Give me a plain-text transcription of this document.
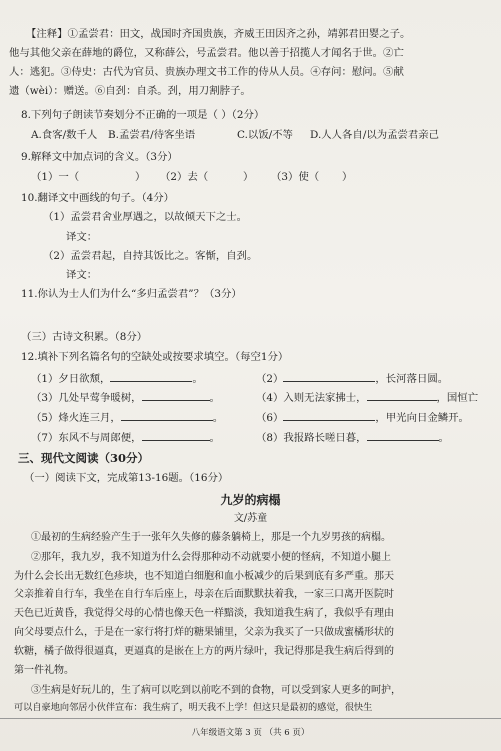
【注释】①孟尝君：田文，战国时齐国贵族，齐威王田因齐之孙，靖郭君田婴之子。
他与其他父亲在薛地的爵位，又称薛公，号孟尝君。他以善于招揽人才闻名于世。②亡
人：逃犯。③侍史：古代为官员、贵族办理文书工作的侍从人员。④存问：慰问。⑤献
遗（wèi）：赠送。⑥自刭：自杀。刭，用刀割脖子。
8.下列句子朗读节奏划分不正确的一项是（ ）（2分）
A.食客/数千人	B.孟尝君/待客坐语	C.以饭/不等	D.人人各自/以为孟尝君亲己
9.解释文中加点词的含义。（3分）
（1）一（	）	（2）去（	）	（3）使（	）
10.翻译文中画线的句子。（4分）
（1）孟尝君舍业厚遇之，以故倾天下之士。
译文：
（2）孟尝君起，自持其饭比之。客惭，自刭。
译文：
11.你认为士人们为什么“多归孟尝君”？（3分）
（三）古诗文积累。（8分）
12.填补下列名篇名句的空缺处或按要求填空。（每空1分）
（1）夕日欲颓，	。	（2）	，长河落日圆。
（3）几处早莺争暖树，	。	（4）入则无法家拂士，	，国恒亡
（5）烽火连三月，	。	（6）	，甲光向日金鳞开。
（7）东风不与周郎便，	。	（8）我报路长嗟日暮，	。
三、现代文阅读（30分）
（一）阅读下文，完成第13-16题。（16分）
九岁的病榻
文/苏童
①最初的生病经验产生于一张年久失修的藤条躺椅上，那是一个九岁男孩的病榻。
②那年，我九岁，我不知道为什么会得那种动不动就要小便的怪病，不知道小腿上
为什么会长出无数红色疹块，也不知道白细胞和血小板减少的后果到底有多严重。那天
父亲推着自行车，我坐在自行车后座上，母亲在后面默默扶着我，一家三口离开医院时
天色已近黄昏，我觉得父母的心情也像天色一样黯淡，我知道我生病了，我似乎有理由
向父母要点什么，于是在一家行将打烊的糖果铺里，父亲为我买了一只做成蜜橘形状的
软糖，橘子做得很逼真，更逼真的是嵌在上方的两片绿叶，我记得那是我生病后得到的
第一件礼物。
③生病是好玩儿的，生了病可以吃到以前吃不到的食物，可以受到家人更多的呵护，
可以自豪地向邻居小伙伴宣布：我生病了，明天我不上学！但这只是最初的感觉，很快生
八年级语文第 3 页 （共 6 页）
